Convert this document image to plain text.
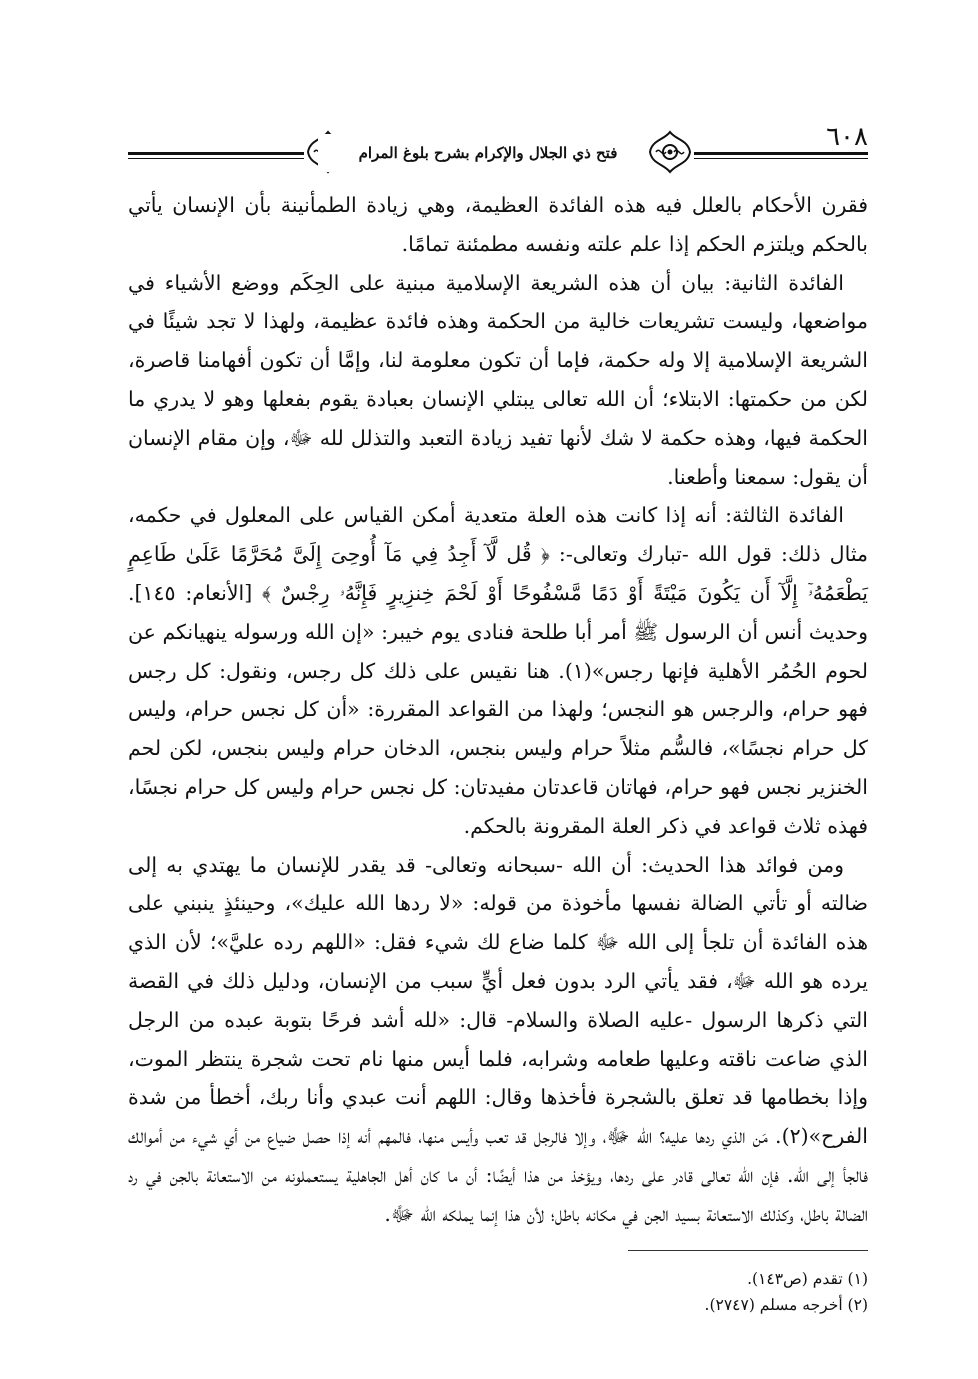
فتح ذي الجلال والإكرام بشرح بلوغ المرام
٦٠٨

فقرن الأحكام بالعلل فيه هذه الفائدة العظيمة، وهي زيادة الطمأنينة بأن الإنسان يأتي بالحكم ويلتزم الحكم إذا علم علته ونفسه مطمئنة تمامًا.

الفائدة الثانية: بيان أن هذه الشريعة الإسلامية مبنية على الحِكَم ووضع الأشياء في مواضعها، وليست تشريعات خالية من الحكمة وهذه فائدة عظيمة، ولهذا لا تجد شيئًا في الشريعة الإسلامية إلا وله حكمة، فإما أن تكون معلومة لنا، وإمَّا أن تكون أفهامنا قاصرة، لكن من حكمتها: الابتلاء؛ أن الله تعالى يبتلي الإنسان بعبادة يقوم بفعلها وهو لا يدري ما الحكمة فيها، وهذه حكمة لا شك لأنها تفيد زيادة التعبد والتذلل لله ﷻ، وإن مقام الإنسان أن يقول: سمعنا وأطعنا.

الفائدة الثالثة: أنه إذا كانت هذه العلة متعدية أمكن القياس على المعلول في حكمه، مثال ذلك: قول الله -تبارك وتعالى-: ﴿ قُل لَّآ أَجِدُ فِي مَآ أُوحِىَ إِلَىَّ مُحَرَّمًا عَلَىٰ طَاعِمٍ يَطْعَمُهُۥٓ إِلَّآ أَن يَكُونَ مَيْتَةً أَوْ دَمًا مَّسْفُوحًا أَوْ لَحْمَ خِنزِيرٍ فَإِنَّهُۥ رِجْسٌ ﴾ [الأنعام: ١٤٥]. وحديث أنس أن الرسول ﷺ أمر أبا طلحة فنادى يوم خيبر: «إن الله ورسوله ينهيانكم عن لحوم الحُمُر الأهلية فإنها رجس»(١). هنا نقيس على ذلك كل رجس، ونقول: كل رجس فهو حرام، والرجس هو النجس؛ ولهذا من القواعد المقررة: «أن كل نجس حرام، وليس كل حرام نجسًا»، فالسُّم مثلاً حرام وليس بنجس، الدخان حرام وليس بنجس، لكن لحم الخنزير نجس فهو حرام، فهاتان قاعدتان مفيدتان: كل نجس حرام وليس كل حرام نجسًا، فهذه ثلاث قواعد في ذكر العلة المقرونة بالحكم.

ومن فوائد هذا الحديث: أن الله -سبحانه وتعالى- قد يقدر للإنسان ما يهتدي به إلى ضالته أو تأتي الضالة نفسها مأخوذة من قوله: «لا ردها الله عليك»، وحينئذٍ ينبني على هذه الفائدة أن تلجأ إلى الله ﷻ كلما ضاع لك شيء فقل: «اللهم رده عليَّ»؛ لأن الذي يرده هو الله ﷻ، فقد يأتي الرد بدون فعل أيٍّ سبب من الإنسان، ودليل ذلك في القصة التي ذكرها الرسول -عليه الصلاة والسلام- قال: «لله أشد فرحًا بتوبة عبده من الرجل الذي ضاعت ناقته وعليها طعامه وشرابه، فلما أيس منها نام تحت شجرة ينتظر الموت، وإذا بخطامها قد تعلق بالشجرة فأخذها وقال: اللهم أنت عبدي وأنا ربك، أخطأ من شدة الفرح»(٢). مَن الذي ردها عليه؟ الله ﷻ، وإلا فالرجل قد تعب وأيس منها، فالمهم أنه إذا حصل ضياع من أي شيء من أموالك فالجأ إلى الله. فإن الله تعالى قادر على ردها، ويؤخذ من هذا أيضًا: أن ما كان أهل الجاهلية يستعملونه من الاستعانة بالجن في رد الضالة باطل، وكذلك الاستعانة بسيد الجن في مكانه باطل؛ لأن هذا إنما يملكه الله ﷻ.

(١) تقدم (ص١٤٣).

(٢) أخرجه مسلم (٢٧٤٧).
